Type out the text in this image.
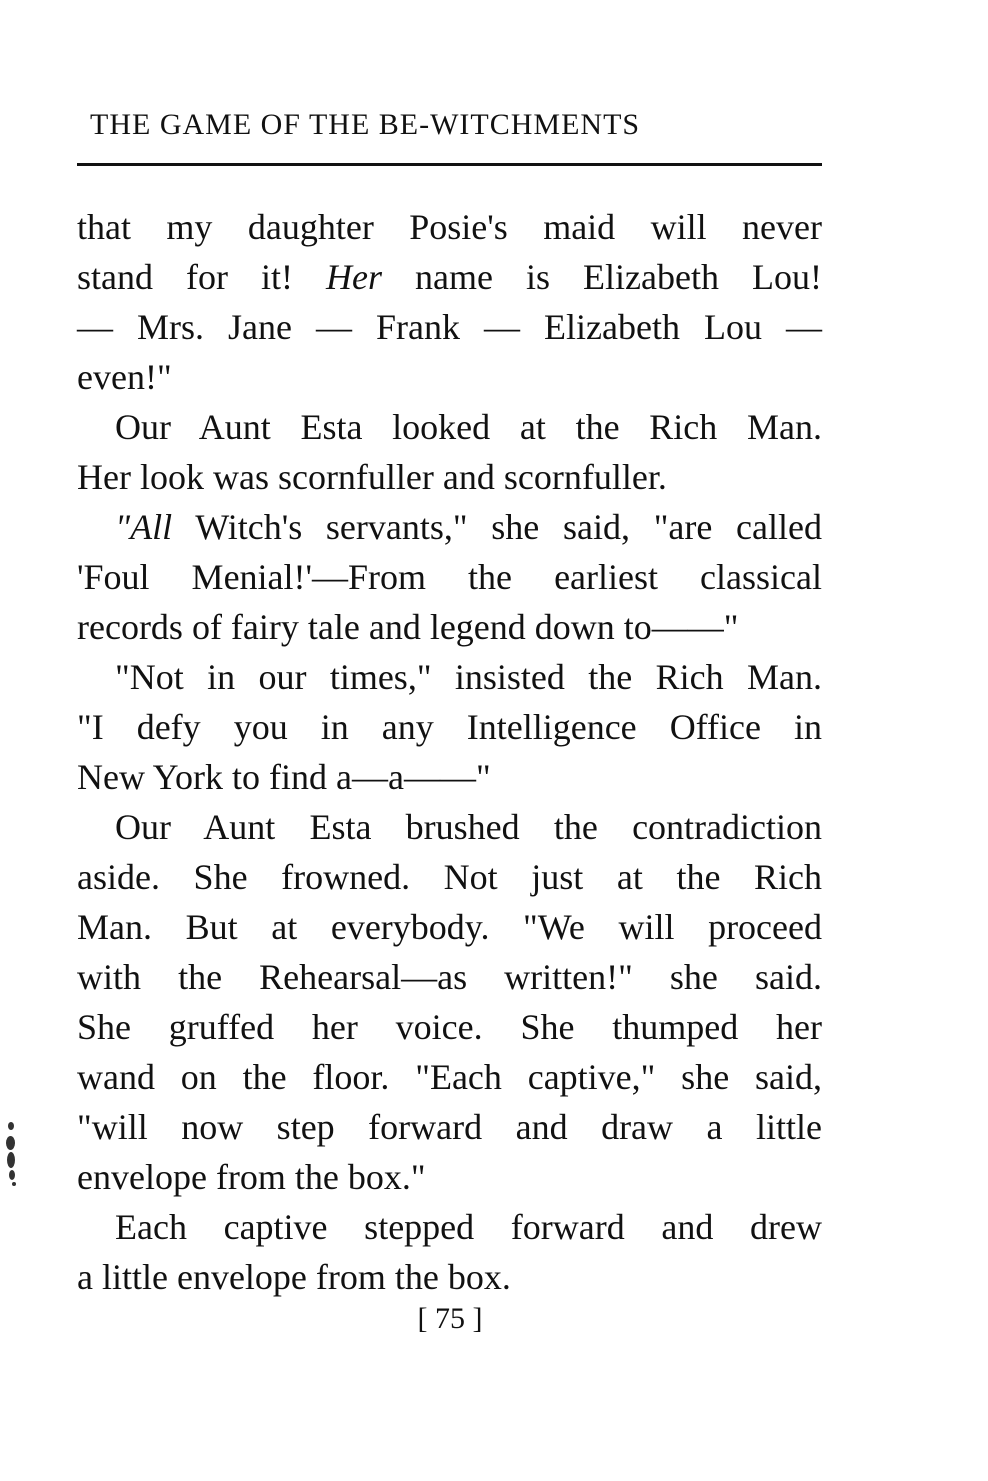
THE GAME OF THE BE-WITCHMENTS
that my daughter Posie's maid will never
stand for it! Her name is Elizabeth Lou!
— Mrs. Jane — Frank — Elizabeth Lou —
even!"
Our Aunt Esta looked at the Rich Man.
Her look was scornfuller and scornfuller.
"All Witch's servants," she said, "are called
'Foul Menial!'—From the earliest classical
records of fairy tale and legend down to——"
"Not in our times," insisted the Rich Man.
"I defy you in any Intelligence Office in
New York to find a—a——"
Our Aunt Esta brushed the contradiction
aside. She frowned. Not just at the Rich
Man. But at everybody. "We will proceed
with the Rehearsal—as written!" she said.
She gruffed her voice. She thumped her
wand on the floor. "Each captive," she said,
"will now step forward and draw a little
envelope from the box."
Each captive stepped forward and drew
a little envelope from the box.
[ 75 ]
